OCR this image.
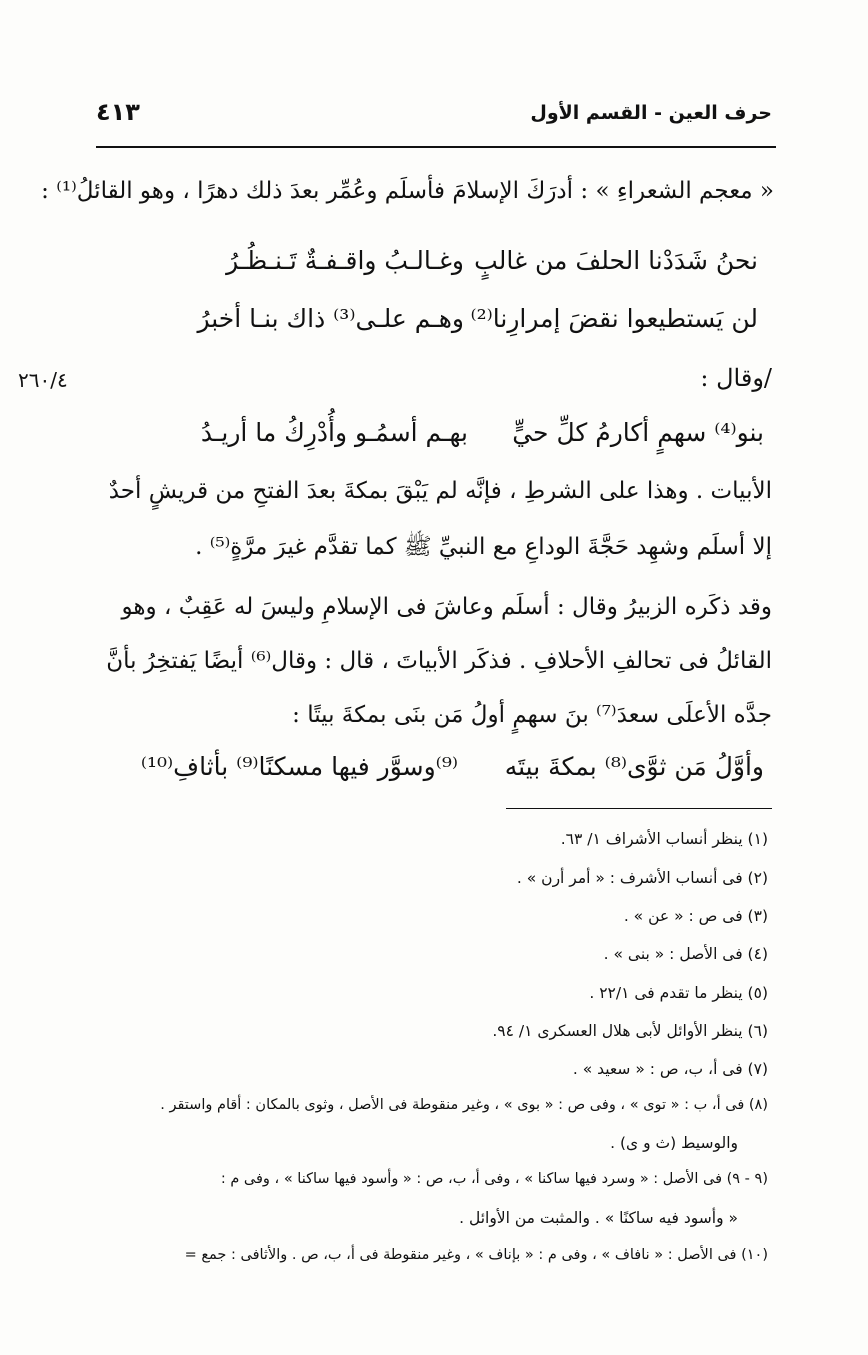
حرف العين - القسم الأول
٤١٣
٢٦٠/٤
« معجم الشعراءِ » : أدرَكَ الإسلامَ فأسلَم وعُمِّر بعدَ ذلك دهرًا ، وهو القائلُ⁽¹⁾ :
نحنُ شَدَدْنا الحلفَ من غالبٍ
وغـالـبُ واقـفـةٌ تَـنـظُـرُ
لن يَستطيعوا نقضَ إمرارِنا⁽²⁾
وهـم علـى⁽³⁾ ذاك بنـا أخبرُ
/وقال :
بنو⁽⁴⁾ سهمٍ أكارمُ كلِّ حيٍّ
بهـم أسمُـو وأُدْرِكُ ما أريـدُ
الأبيات . وهذا على الشرطِ ، فإنَّه لم يَبْقَ بمكةَ بعدَ الفتحِ من قريشٍ أحدٌ
إلا أسلَم وشهِد حَجَّةَ الوداعِ مع النبيِّ ﷺ كما تقدَّم غيرَ مرَّةٍ⁽⁵⁾ .
وقد ذكَره الزبيرُ وقال : أسلَم وعاشَ فى الإسلامِ وليسَ له عَقِبٌ ، وهو
القائلُ فى تحالفِ الأحلافِ . فذكَر الأبياتَ ، قال : وقال⁽⁶⁾ أيضًا يَفتخِرُ بأنَّ
جدَّه الأعلَى سعدَ⁽⁷⁾ بنَ سهمٍ أولُ مَن بنَى بمكةَ بيتًا :
وأوَّلُ مَن ثوَّى⁽⁸⁾ بمكةَ بيتَه
⁽⁹⁾وسوَّر فيها مسكنًا⁽⁹⁾ بأثافِ⁽¹⁰⁾
(١) ينظر أنساب الأشراف ١/ ٦٣.
(٢) فى أنساب الأشرف : « أمر أرن » .
(٣) فى ص : « عن » .
(٤) فى الأصل : « بنى » .
(٥) ينظر ما تقدم فى ٢٢/١ .
(٦) ينظر الأوائل لأبى هلال العسكرى ١/ ٩٤.
(٧) فى أ، ب، ص : « سعيد » .
(٨) فى أ، ب : « توى » ، وفى ص : « بوى » ، وغير منقوطة فى الأصل ، وثوى بالمكان : أقام واستقر .
والوسيط (ث و ى) .
(٩ - ٩) فى الأصل : « وسرد فيها ساكنا » ، وفى أ، ب، ص : « وأسود فيها ساكنا » ، وفى م :
« وأسود فيه ساكنًا » . والمثبت من الأوائل .
(١٠) فى الأصل : « نافاف » ، وفى م : « بإناف » ، وغير منقوطة فى أ، ب، ص . والأثافى : جمع =
